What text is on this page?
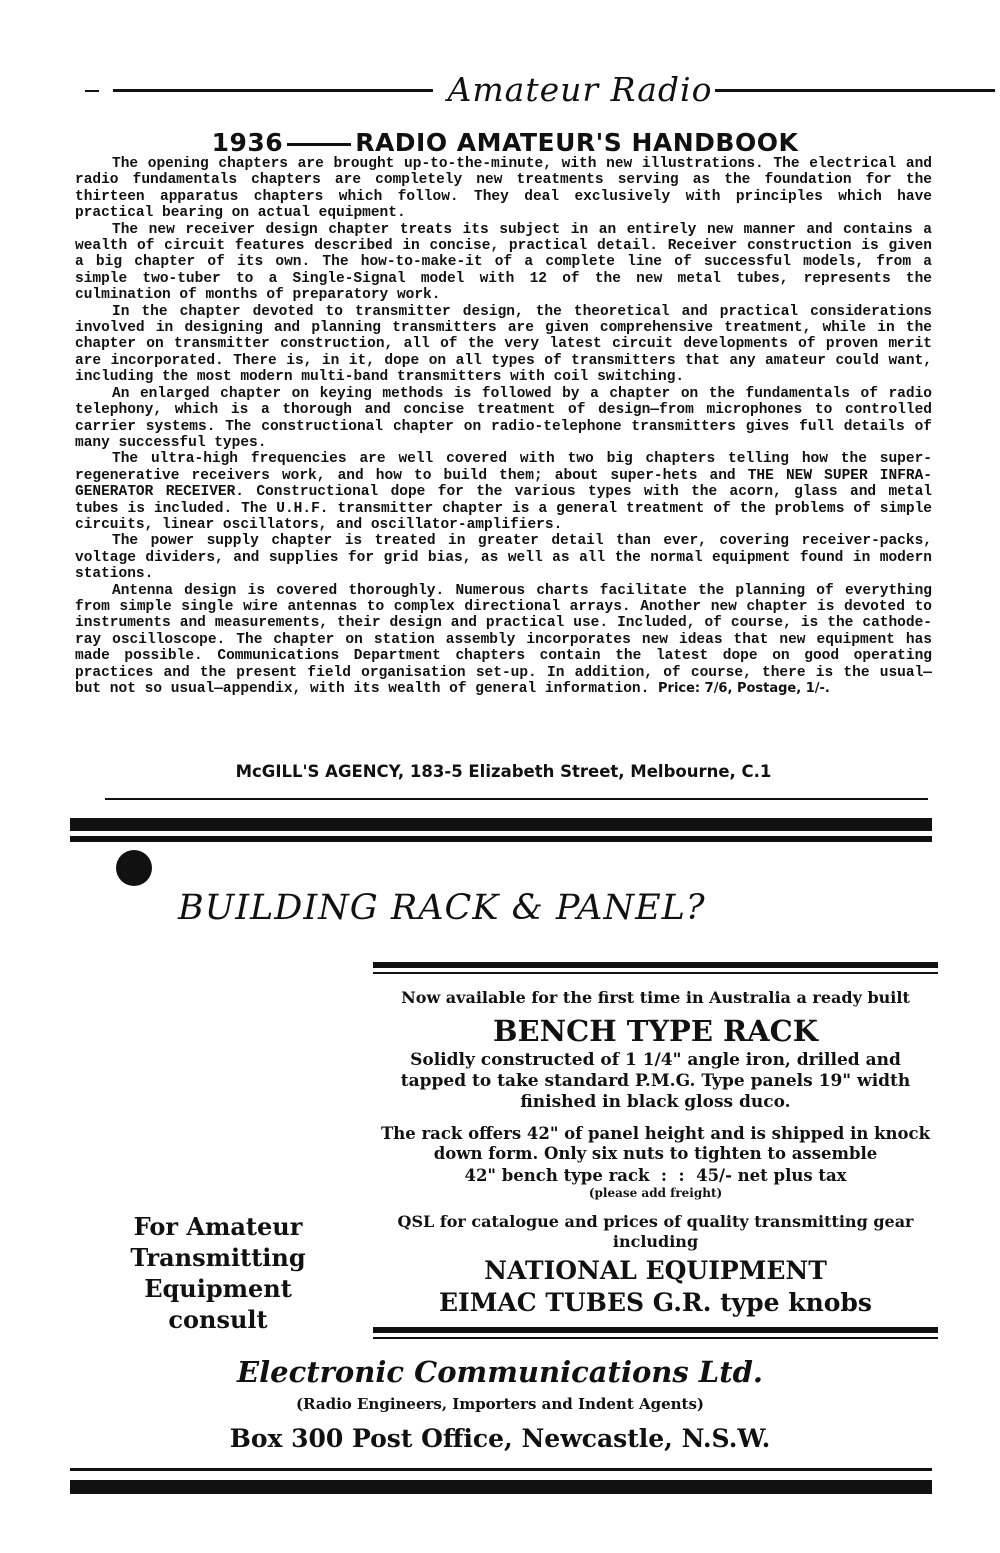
Amateur Radio
1936	RADIO AMATEUR'S HANDBOOK

The opening chapters are brought up-to-the-minute, with new illustrations. The electrical and radio fundamentals chapters are completely new treatments serving as the foundation for the thirteen apparatus chapters which follow. They deal exclusively with principles which have practical bearing on actual equipment.

The new receiver design chapter treats its subject in an entirely new manner and contains a wealth of circuit features described in concise, practical detail. Receiver construction is given a big chapter of its own. The how-to-make-it of a complete line of successful models, from a simple two-tuber to a Single-Signal model with 12 of the new metal tubes, represents the culmination of months of preparatory work.

In the chapter devoted to transmitter design, the theoretical and practical considerations involved in designing and planning transmitters are given comprehensive treatment, while in the chapter on transmitter construction, all of the very latest circuit developments of proven merit are incorporated. There is, in it, dope on all types of transmitters that any amateur could want, including the most modern multi-band transmitters with coil switching.

An enlarged chapter on keying methods is followed by a chapter on the fundamentals of radio telephony, which is a thorough and concise treatment of design—from microphones to controlled carrier systems. The constructional chapter on radio-telephone transmitters gives full details of many successful types.

The ultra-high frequencies are well covered with two big chapters telling how the super-regenerative receivers work, and how to build them; about super-hets and THE NEW SUPER INFRA-GENERATOR RECEIVER. Constructional dope for the various types with the acorn, glass and metal tubes is included. The U.H.F. transmitter chapter is a general treatment of the problems of simple circuits, linear oscillators, and oscillator-amplifiers.

The power supply chapter is treated in greater detail than ever, covering receiver-packs, voltage dividers, and supplies for grid bias, as well as all the normal equipment found in modern stations.

Antenna design is covered thoroughly. Numerous charts facilitate the planning of everything from simple single wire antennas to complex directional arrays. Another new chapter is devoted to instruments and measurements, their design and practical use. Included, of course, is the cathode-ray oscilloscope. The chapter on station assembly incorporates new ideas that new equipment has made possible. Communications Department chapters contain the latest dope on good operating practices and the present field organisation set-up. In addition, of course, there is the usual—but not so usual—appendix, with its wealth of general information. Price: 7/6, Postage, 1/-.

McGILL'S AGENCY, 183-5 Elizabeth Street, Melbourne, C.1
BUILDING RACK & PANEL?
Now available for the first time in Australia a ready built
BENCH TYPE RACK
Solidly constructed of 1 1/4" angle iron, drilled and tapped to take standard P.M.G. Type panels 19" width finished in black gloss duco.
The rack offers 42" of panel height and is shipped in knock down form. Only six nuts to tighten to assemble
42" bench type rack  :  :  45/- net plus tax
(please add freight)
QSL for catalogue and prices of quality transmitting gear including
NATIONAL EQUIPMENT
EIMAC TUBES G.R. type knobs
For Amateur
Transmitting
Equipment
consult
Electronic Communications Ltd.
(Radio Engineers, Importers and Indent Agents)
Box 300 Post Office, Newcastle, N.S.W.
